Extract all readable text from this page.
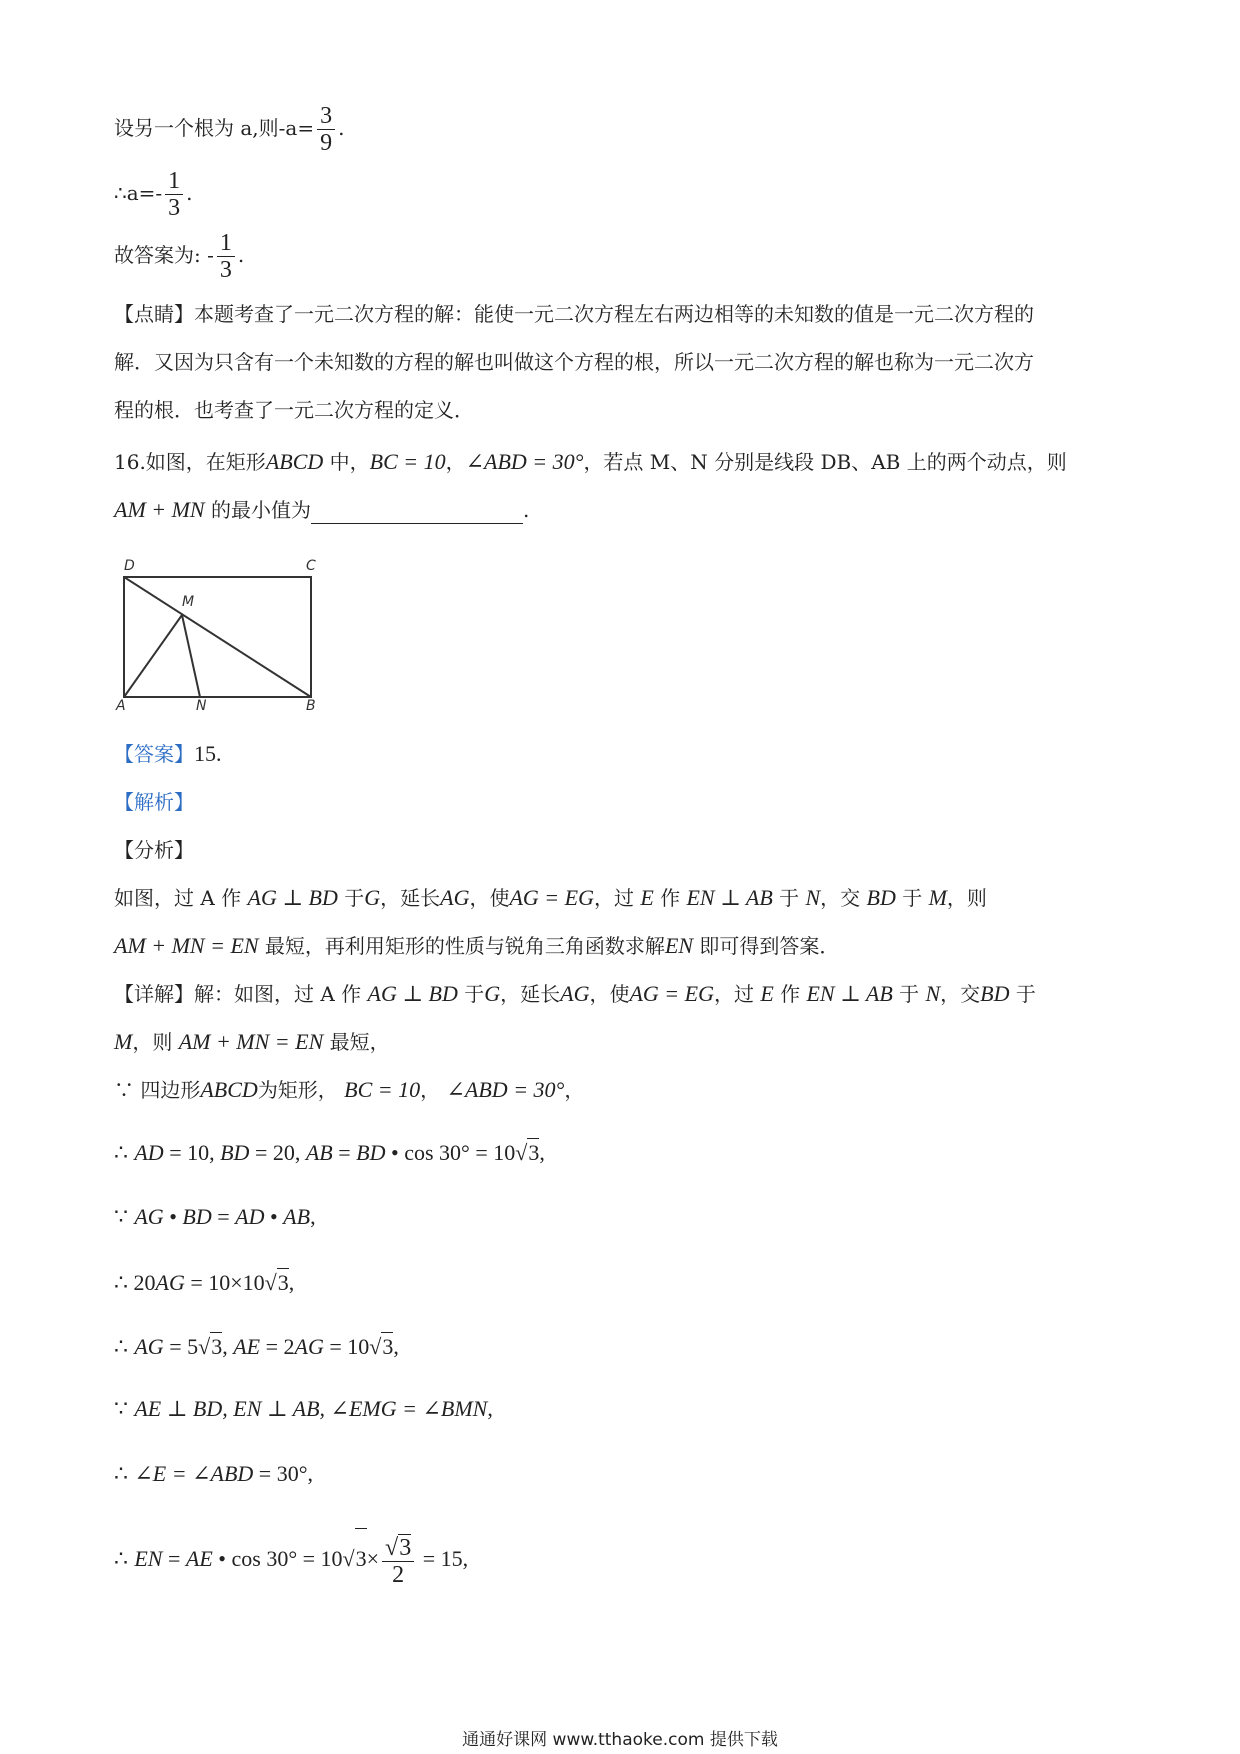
设另一个根为 a,则$-a= \frac{3}{9}$ .
∴a=- $\frac{1}{3}$ .
故答案为: - $\frac{1}{3}$ .
【点睛】本题考查了一元二次方程的解：能使一元二次方程左右两边相等的未知数的值是一元二次方程的
解．又因为只含有一个未知数的方程的解也叫做这个方程的根，所以一元二次方程的解也称为一元二次方
程的根．也考查了一元二次方程的定义．
16.如图，在矩形ABCD 中，BC = 10，∠ABD = 30°，若点 M、N 分别是线段 DB、AB 上的两个动点，则
AM + MN 的最小值为	.
D	C
M
A	N	B
【答案】15.
【解析】
【分析】
如图，过 A 作 AG ⊥ BD 于G，延长AG，使AG = EG，过 E 作 EN ⊥ AB 于 N，交 BD 于 M，则
AM + MN = EN 最短，再利用矩形的性质与锐角三角函数求解EN 即可得到答案．
【详解】解：如图，过 A 作 AG ⊥ BD 于G，延长AG，使AG = EG，过 E 作 EN ⊥ AB 于 N，交BD 于
M，则 AM + MN = EN 最短，
∵ 四边形ABCD为矩形， BC = 10， ∠ABD = 30°，
∴ AD = 10, BD = 20, AB = BD • cos 30° = 10√3,
∵ AG • BD = AD • AB,
∴ 20AG = 10×10√3,
∴ AG = 5√3, AE = 2AG = 10√3,
∵ AE ⊥ BD, EN ⊥ AB, ∠EMG = ∠BMN,
∴ ∠E = ∠ABD = 30°,
∴ EN = AE • $\cos 30^\circ = 10√3\times \frac{√3}{2} = 15$,
通通好课网 www.tthaoke.com 提供下载
